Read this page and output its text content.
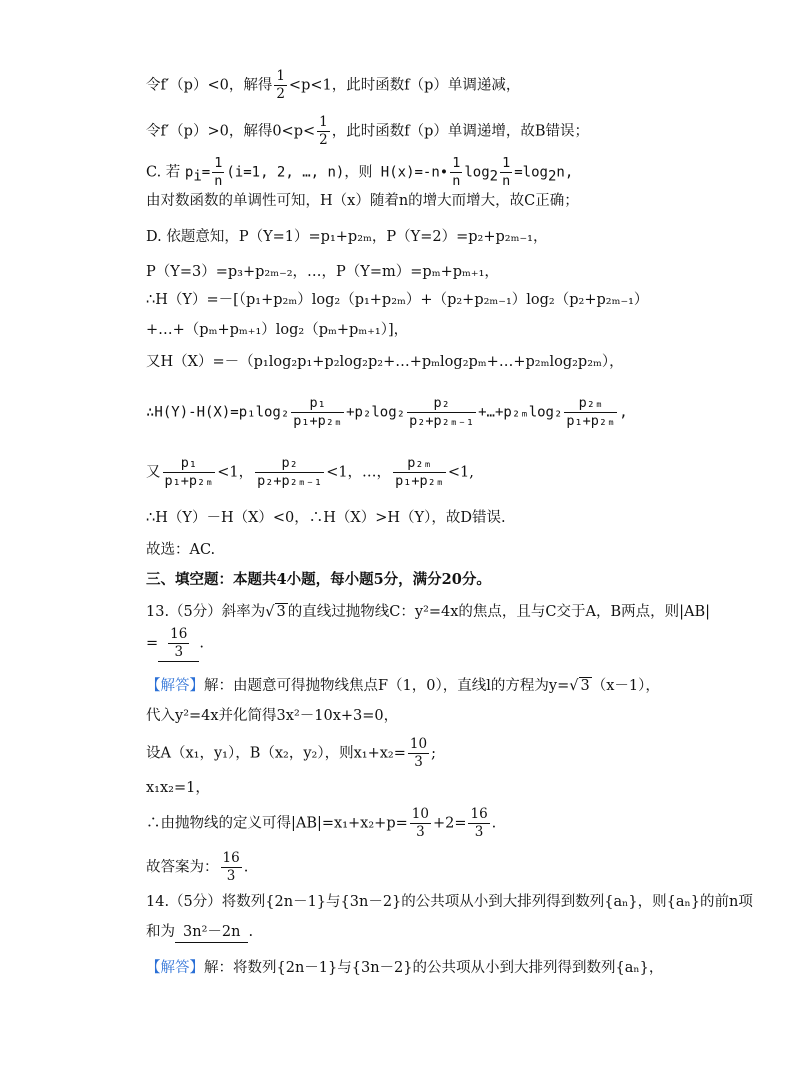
令f′（p）<0，解得 $\frac{1}{2} <p<1$，此时函数f（p）单调递减，
令f′（p）>0，解得$0<p< \frac{1}{2}$ ，此时函数f（p）单调递增，故B错误；
C. 若 $p_i= \frac{1}{n} (i=1$, 2, …, n)，则 H(x)=-n• $\frac{1}{n} \log_2 \frac{1}{n} =\log_2n$,
由对数函数的单调性可知，H（x）随着n的增大而增大，故C正确；
D. 依题意知，P（Y=1）=p₁+p₂ₘ，P（Y=2）=p₂+p₂ₘ₋₁，
P（Y=3）=p₃+p₂ₘ₋₂，…，P（Y=m）=pₘ+pₘ₊₁，
∴H（Y）=－[（p₁+p₂ₘ）log₂（p₁+p₂ₘ）+（p₂+p₂ₘ₋₁）log₂（p₂+p₂ₘ₋₁）
+…+（pₘ+pₘ₊₁）log₂（pₘ+pₘ₊₁）]，
又H（X）=－（p₁log₂p₁+p₂log₂p₂+…+pₘlog₂pₘ+…+p₂ₘlog₂p₂ₘ），
∴H(Y)-H(X)=p₁log₂ $\frac{\text{p₁}}{\text{p₁+p₂ₘ}} +p_2\log_2 \frac{\text{p₂}}{\text{p₂+p₂ₘ₋₁}}$ +…+p₂ₘlog₂ $\frac{\text{p₂ₘ}}{\text{p₁+p₂ₘ}}$ ,
又 $\frac{\text{p₁}}{\text{p₁+p₂ₘ}} <1$， $\frac{\text{p₂}}{\text{p₂+p₂ₘ₋₁}} <1$，…， $\frac{\text{p₂ₘ}}{\text{p₁+p₂ₘ}} <1$,
∴H（Y）－H（X）<0，∴H（X）>H（Y），故D错误.
故选：AC.
三、填空题：本题共4小题，每小题5分，满分20分。
13.（5分）斜率为√ 3 的直线过抛物线C：y²=4x的焦点，且与C交于A，B两点，则|AB|
= $\frac{16}{3}$ .
【解答】解：由题意可得抛物线焦点F（1，0），直线l的方程为y=√ 3 （x－1），
代入y²=4x并化简得3x²－10x+3=0，
设A（x₁，y₁），B（x₂，y₂），则$x_1+x_2= \frac{10}{3}$ ;
x₁x₂=1，
∴由抛物线的定义可得$|AB|=x_1+x_2+p= \frac{10}{3} +2= \frac{16}{3}$ .
故答案为： $\frac{16}{3}$ .
14.（5分）将数列{2n－1}与{3n－2}的公共项从小到大排列得到数列{aₙ}，则{aₙ}的前n项
和为 3n²－2n .
【解答】解：将数列{2n－1}与{3n－2}的公共项从小到大排列得到数列{aₙ}，
